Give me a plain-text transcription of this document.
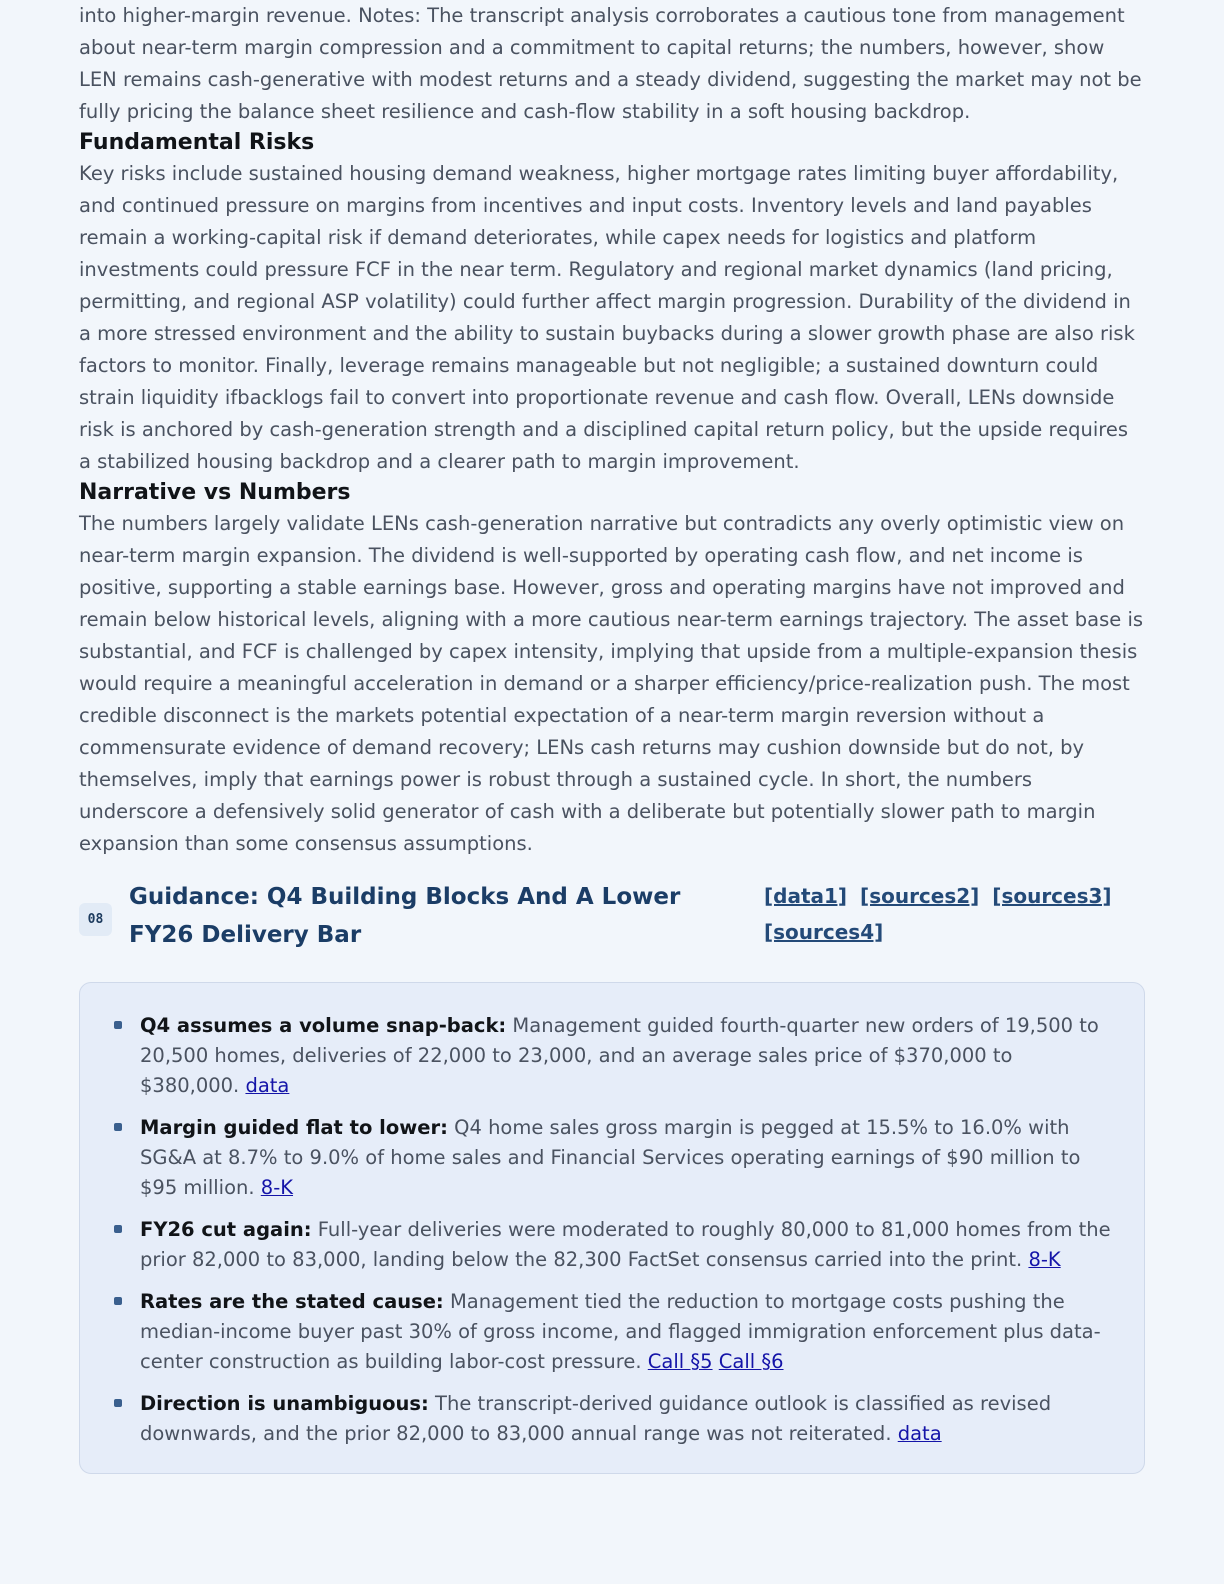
into higher-margin revenue. Notes: The transcript analysis corroborates a cautious tone from management about near-term margin compression and a commitment to capital returns; the numbers, however, show LEN remains cash-generative with modest returns and a steady dividend, suggesting the market may not be fully pricing the balance sheet resilience and cash-flow stability in a soft housing backdrop.

Fundamental Risks

Key risks include sustained housing demand weakness, higher mortgage rates limiting buyer affordability, and continued pressure on margins from incentives and input costs. Inventory levels and land payables remain a working-capital risk if demand deteriorates, while capex needs for logistics and platform investments could pressure FCF in the near term. Regulatory and regional market dynamics (land pricing, permitting, and regional ASP volatility) could further affect margin progression. Durability of the dividend in a more stressed environment and the ability to sustain buybacks during a slower growth phase are also risk factors to monitor. Finally, leverage remains manageable but not negligible; a sustained downturn could strain liquidity ifbacklogs fail to convert into proportionate revenue and cash flow. Overall, LENs downside risk is anchored by cash-generation strength and a disciplined capital return policy, but the upside requires a stabilized housing backdrop and a clearer path to margin improvement.

Narrative vs Numbers

The numbers largely validate LENs cash-generation narrative but contradicts any overly optimistic view on near-term margin expansion. The dividend is well-supported by operating cash flow, and net income is positive, supporting a stable earnings base. However, gross and operating margins have not improved and remain below historical levels, aligning with a more cautious near-term earnings trajectory. The asset base is substantial, and FCF is challenged by capex intensity, implying that upside from a multiple-expansion thesis would require a meaningful acceleration in demand or a sharper efficiency/price-realization push. The most credible disconnect is the markets potential expectation of a near-term margin reversion without a commensurate evidence of demand recovery; LENs cash returns may cushion downside but do not, by themselves, imply that earnings power is robust through a sustained cycle. In short, the numbers underscore a defensively solid generator of cash with a deliberate but potentially slower path to margin expansion than some consensus assumptions.

08
Guidance: Q4 Building Blocks And A Lower FY26 Delivery Bar
[data1] [sources2] [sources3] [sources4]
Q4 assumes a volume snap-back: Management guided fourth-quarter new orders of 19,500 to 20,500 homes, deliveries of 22,000 to 23,000, and an average sales price of $370,000 to $380,000. data
Margin guided flat to lower: Q4 home sales gross margin is pegged at 15.5% to 16.0% with SG&A at 8.7% to 9.0% of home sales and Financial Services operating earnings of $90 million to $95 million. 8-K
FY26 cut again: Full-year deliveries were moderated to roughly 80,000 to 81,000 homes from the prior 82,000 to 83,000, landing below the 82,300 FactSet consensus carried into the print. 8-K
Rates are the stated cause: Management tied the reduction to mortgage costs pushing the median-income buyer past 30% of gross income, and flagged immigration enforcement plus data-center construction as building labor-cost pressure. Call §5 Call §6
Direction is unambiguous: The transcript-derived guidance outlook is classified as revised downwards, and the prior 82,000 to 83,000 annual range was not reiterated. data
